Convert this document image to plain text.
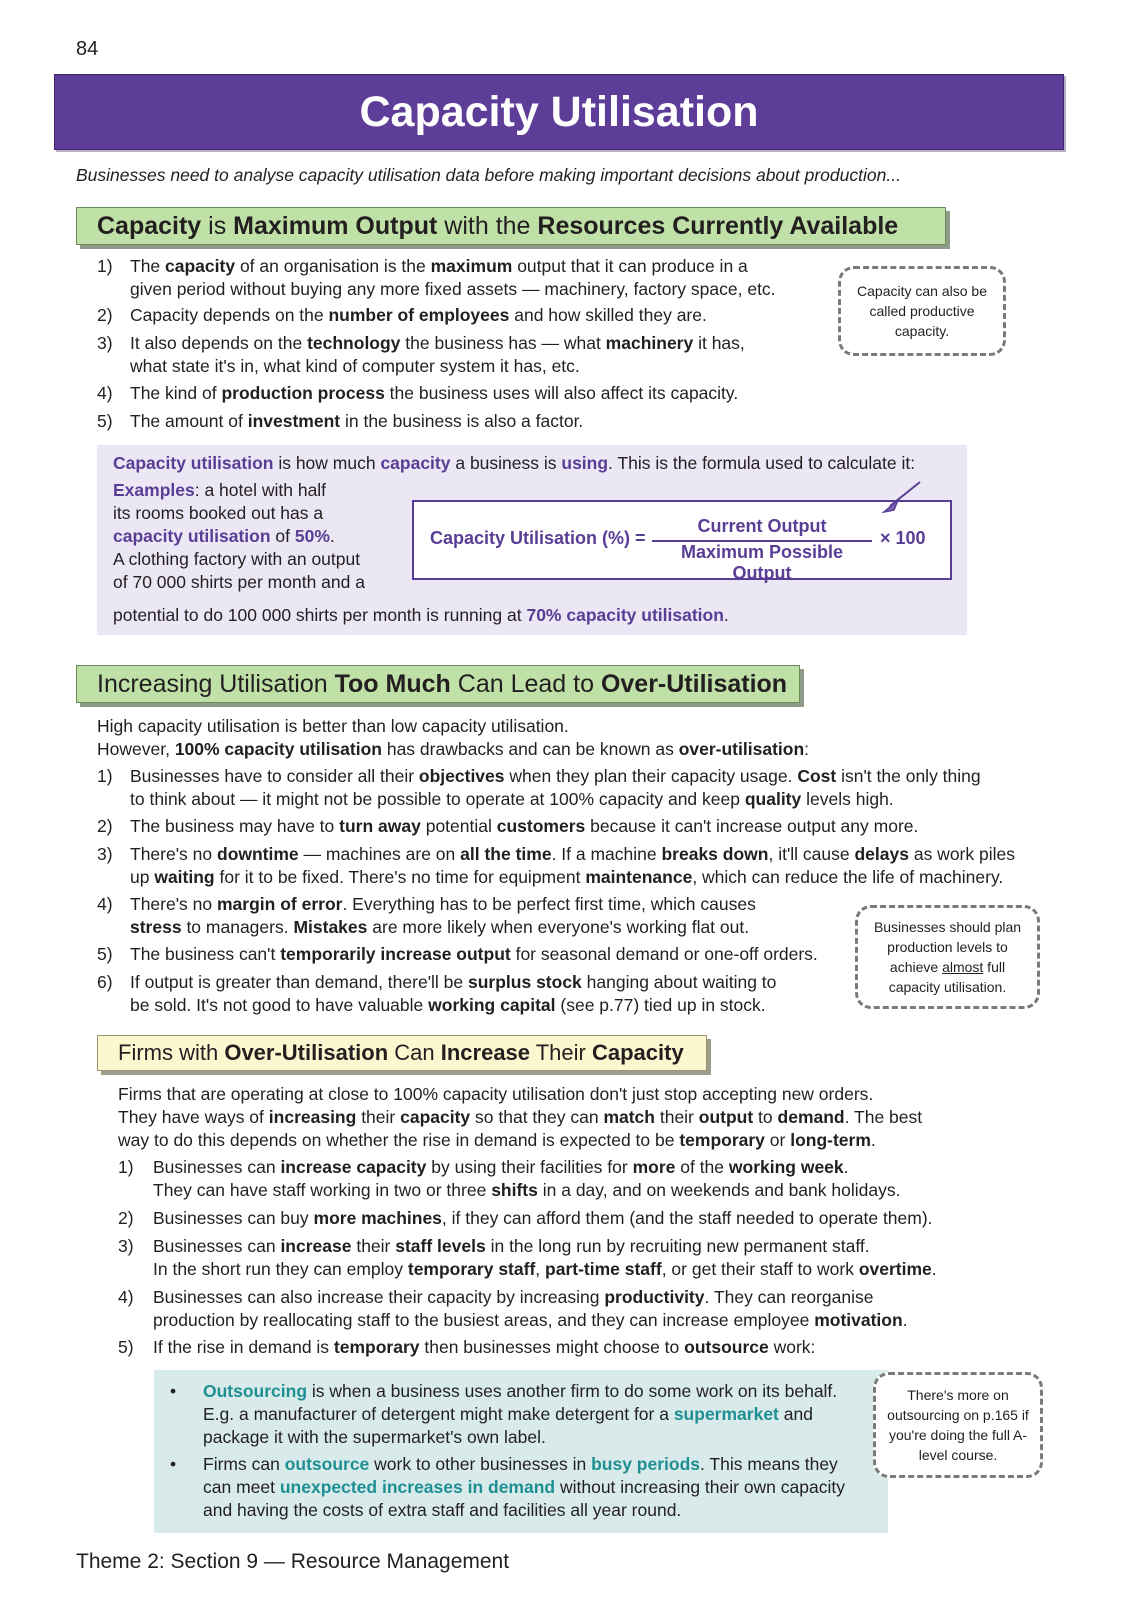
84
Capacity Utilisation
Businesses need to analyse capacity utilisation data before making important decisions about production...
Capacity is Maximum Output with the Resources Currently Available
1) The capacity of an organisation is the maximum output that it can produce in a
given period without buying any more fixed assets — machinery, factory space, etc.
2) Capacity depends on the number of employees and how skilled they are.
3) It also depends on the technology the business has — what machinery it has,
what state it's in, what kind of computer system it has, etc.
4) The kind of production process the business uses will also affect its capacity.
5) The amount of investment in the business is also a factor.
Capacity can also be called productive capacity.
Capacity utilisation is how much capacity a business is using. This is the formula used to calculate it:
Examples: a hotel with half
its rooms booked out has a
capacity utilisation of 50%.
A clothing factory with an output
of 70 000 shirts per month and a
potential to do 100 000 shirts per month is running at 70% capacity utilisation.
Capacity Utilisation (%) =
Current Output
Maximum Possible Output
× 100
Increasing Utilisation Too Much Can Lead to Over-Utilisation
High capacity utilisation is better than low capacity utilisation.
However, 100% capacity utilisation has drawbacks and can be known as over-utilisation:
1) Businesses have to consider all their objectives when they plan their capacity usage. Cost isn't the only thing
to think about — it might not be possible to operate at 100% capacity and keep quality levels high.
2) The business may have to turn away potential customers because it can't increase output any more.
3) There's no downtime — machines are on all the time. If a machine breaks down, it'll cause delays as work piles
up waiting for it to be fixed. There's no time for equipment maintenance, which can reduce the life of machinery.
4) There's no margin of error. Everything has to be perfect first time, which causes
stress to managers. Mistakes are more likely when everyone's working flat out.
5) The business can't temporarily increase output for seasonal demand or one-off orders.
6) If output is greater than demand, there'll be surplus stock hanging about waiting to
be sold. It's not good to have valuable working capital (see p.77) tied up in stock.
Businesses should plan production levels to achieve almost full capacity utilisation.
Firms with Over-Utilisation Can Increase Their Capacity
Firms that are operating at close to 100% capacity utilisation don't just stop accepting new orders.
They have ways of increasing their capacity so that they can match their output to demand. The best
way to do this depends on whether the rise in demand is expected to be temporary or long-term.
1) Businesses can increase capacity by using their facilities for more of the working week.
They can have staff working in two or three shifts in a day, and on weekends and bank holidays.
2) Businesses can buy more machines, if they can afford them (and the staff needed to operate them).
3) Businesses can increase their staff levels in the long run by recruiting new permanent staff.
In the short run they can employ temporary staff, part-time staff, or get their staff to work overtime.
4) Businesses can also increase their capacity by increasing productivity. They can reorganise
production by reallocating staff to the busiest areas, and they can increase employee motivation.
5) If the rise in demand is temporary then businesses might choose to outsource work:
• Outsourcing is when a business uses another firm to do some work on its behalf.
E.g. a manufacturer of detergent might make detergent for a supermarket and
package it with the supermarket's own label.
• Firms can outsource work to other businesses in busy periods. This means they
can meet unexpected increases in demand without increasing their own capacity
and having the costs of extra staff and facilities all year round.
There's more on outsourcing on p.165 if you're doing the full A-level course.
Theme 2: Section 9 — Resource Management
